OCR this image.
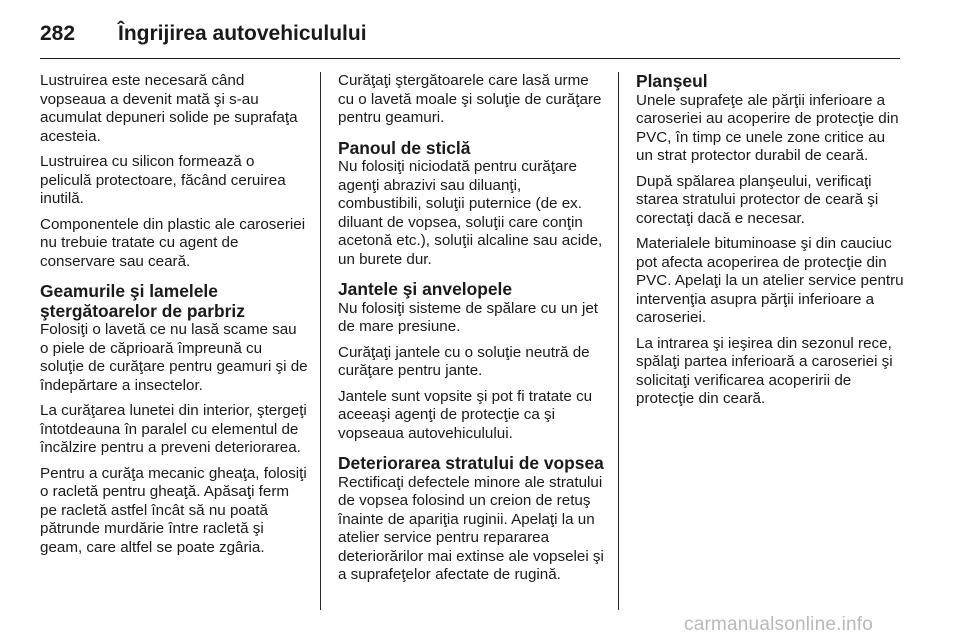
282	Îngrijirea autovehiculului

Lustruirea este necesară când vopseaua a devenit mată şi s-au acumulat depuneri solide pe suprafaţa acesteia.

Lustruirea cu silicon formează o peliculă protectoare, făcând ceruirea inutilă.

Componentele din plastic ale caroseriei nu trebuie tratate cu agent de conservare sau ceară.

Geamurile şi lamelele ştergătoarelor de parbriz

Folosiţi o lavetă ce nu lasă scame sau o piele de căprioară împreună cu soluţie de curăţare pentru geamuri şi de îndepărtare a insectelor.

La curăţarea lunetei din interior, ştergeţi întotdeauna în paralel cu elementul de încălzire pentru a preveni deteriorarea.

Pentru a curăţa mecanic gheaţa, folosiţi o racletă pentru gheaţă. Apăsaţi ferm pe racletă astfel încât să nu poată pătrunde murdărie între racletă şi geam, care altfel se poate zgâria.

Curăţaţi ştergătoarele care lasă urme cu o lavetă moale şi soluţie de curăţare pentru geamuri.

Panoul de sticlă

Nu folosiţi niciodată pentru curăţare agenţi abrazivi sau diluanţi, combustibili, soluţii puternice (de ex. diluant de vopsea, soluţii care conţin acetonă etc.), soluţii alcaline sau acide, un burete dur.

Jantele şi anvelopele

Nu folosiţi sisteme de spălare cu un jet de mare presiune.

Curăţaţi jantele cu o soluţie neutră de curăţare pentru jante.

Jantele sunt vopsite şi pot fi tratate cu aceeaşi agenţi de protecţie ca şi vopseaua autovehiculului.

Deteriorarea stratului de vopsea

Rectificaţi defectele minore ale stratului de vopsea folosind un creion de retuş înainte de apariţia ruginii. Apelaţi la un atelier service pentru repararea deteriorărilor mai extinse ale vopselei şi a suprafeţelor afectate de rugină.

Planşeul

Unele suprafeţe ale părţii inferioare a caroseriei au acoperire de protecţie din PVC, în timp ce unele zone critice au un strat protector durabil de ceară.

După spălarea planşeului, verificaţi starea stratului protector de ceară şi corectaţi dacă e necesar.

Materialele bituminoase şi din cauciuc pot afecta acoperirea de protecţie din PVC. Apelaţi la un atelier service pentru intervenţia asupra părţii inferioare a caroseriei.

La intrarea şi ieşirea din sezonul rece, spălaţi partea inferioară a caroseriei şi solicitaţi verificarea acoperirii de protecţie din ceară.

carmanualsonline.info
